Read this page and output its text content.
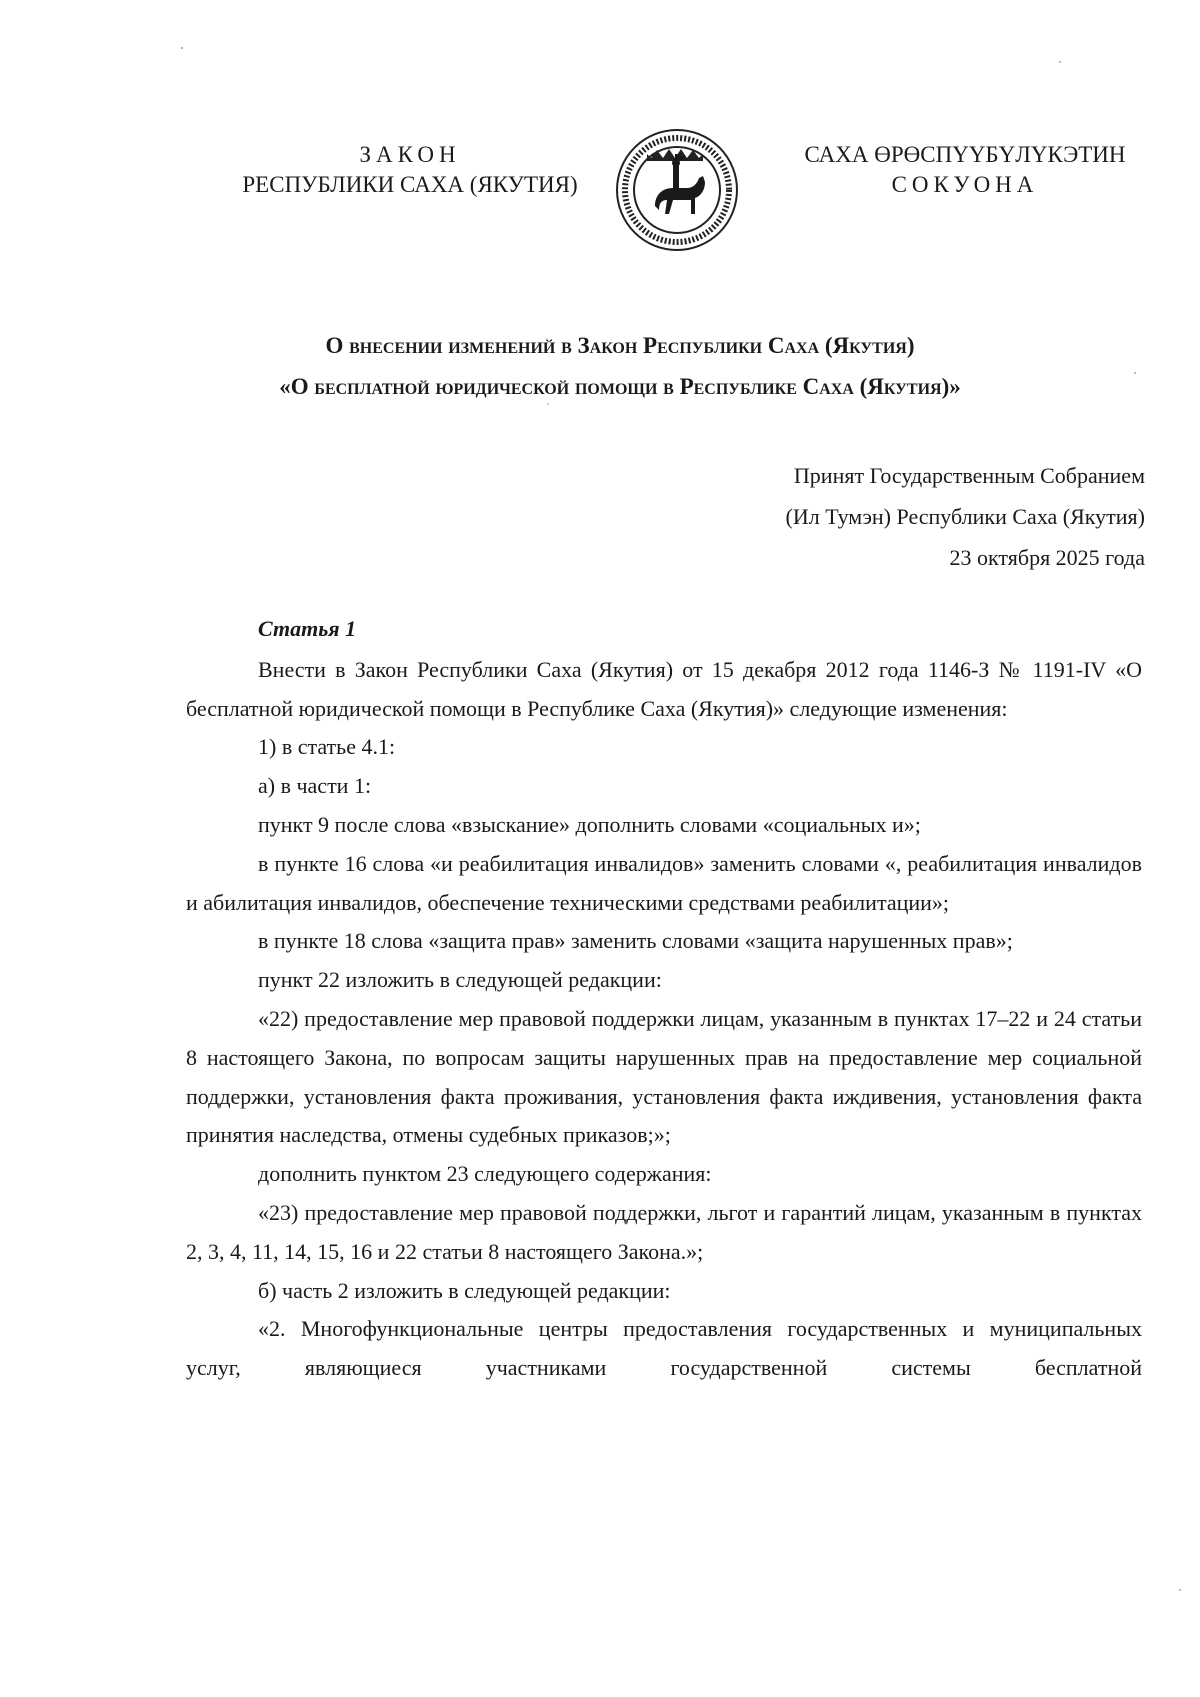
ЗАКОН
РЕСПУБЛИКИ САХА (ЯКУТИЯ)
САХА ӨРӨСПҮҮБҮЛҮКЭТИН
СОКУОНА
О внесении изменений в Закон Республики Саха (Якутия)
«О бесплатной юридической помощи в Республике Саха (Якутия)»
Принят Государственным Собранием
(Ил Тумэн) Республики Саха (Якутия)
23 октября 2025 года

Статья 1

Внести в Закон Республики Саха (Якутия) от 15 декабря 2012 года 1146-З № 1191-IV «О бесплатной юридической помощи в Республике Саха (Якутия)» следующие изменения:

1) в статье 4.1:

а) в части 1:

пункт 9 после слова «взыскание» дополнить словами «социальных и»;

в пункте 16 слова «и реабилитация инвалидов» заменить словами «, реабилитация инвалидов и абилитация инвалидов, обеспечение техническими средствами реабилитации»;

в пункте 18 слова «защита прав» заменить словами «защита нарушенных прав»;

пункт 22 изложить в следующей редакции:

«22) предоставление мер правовой поддержки лицам, указанным в пунктах 17–22 и 24 статьи 8 настоящего Закона, по вопросам защиты нарушенных прав на предоставление мер социальной поддержки, установления факта проживания, установления факта иждивения, установления факта принятия наследства, отмены судебных приказов;»;

дополнить пунктом 23 следующего содержания:

«23) предоставление мер правовой поддержки, льгот и гарантий лицам, указанным в пунктах 2, 3, 4, 11, 14, 15, 16 и 22 статьи 8 настоящего Закона.»;

б) часть 2 изложить в следующей редакции:

«2. Многофункциональные центры предоставления государственных и муниципальных услуг, являющиеся участниками государственной системы бесплатной
